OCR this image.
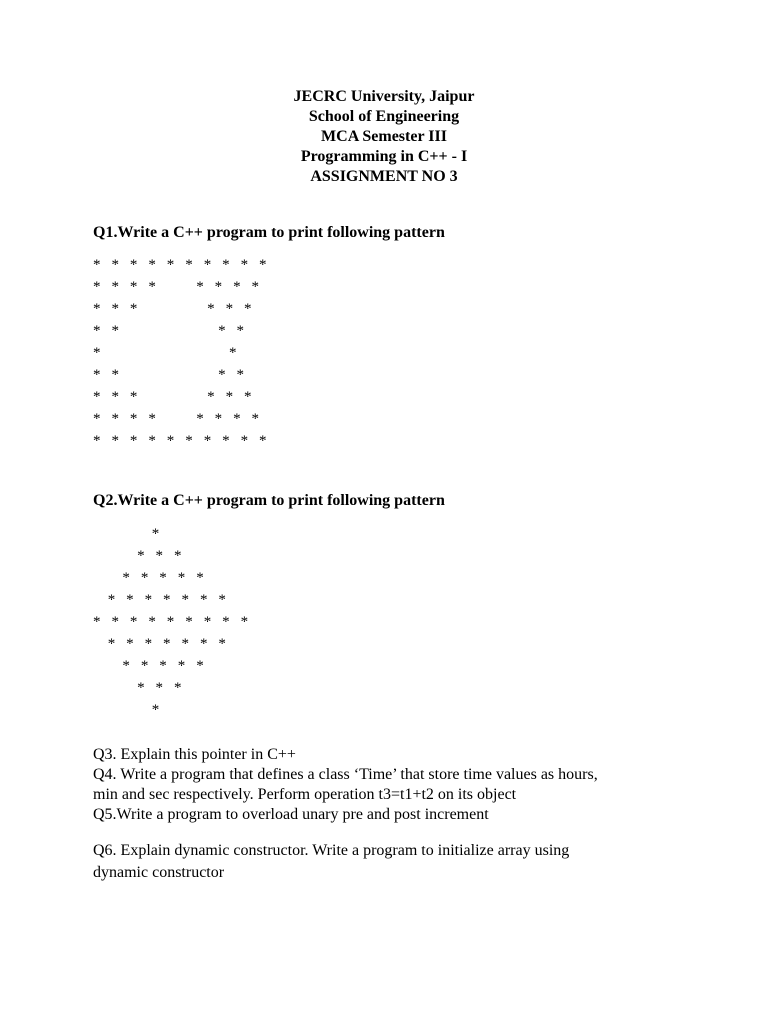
JECRC University, Jaipur
School of Engineering
MCA Semester III
Programming in C++ - I
ASSIGNMENT NO 3
Q1.Write a C++ program to print following pattern
* * * * * * * * * *
* * * *     * * * *
* * *         * * *
* *             * *
*                 *
* *             * *
* * *         * * *
* * * *     * * * *
* * * * * * * * * *
Q2.Write a C++ program to print following pattern
*
* * *
* * * * *
* * * * * * *
* * * * * * * * *
* * * * * * *
* * * * *
* * *
*
Q3. Explain this pointer in C++
Q4. Write a program that defines a class ‘Time’ that store time values as hours,
min and sec respectively. Perform operation t3=t1+t2 on its object
Q5.Write a program to overload unary pre and post increment
Q6. Explain dynamic constructor. Write a program to initialize array using
dynamic constructor
